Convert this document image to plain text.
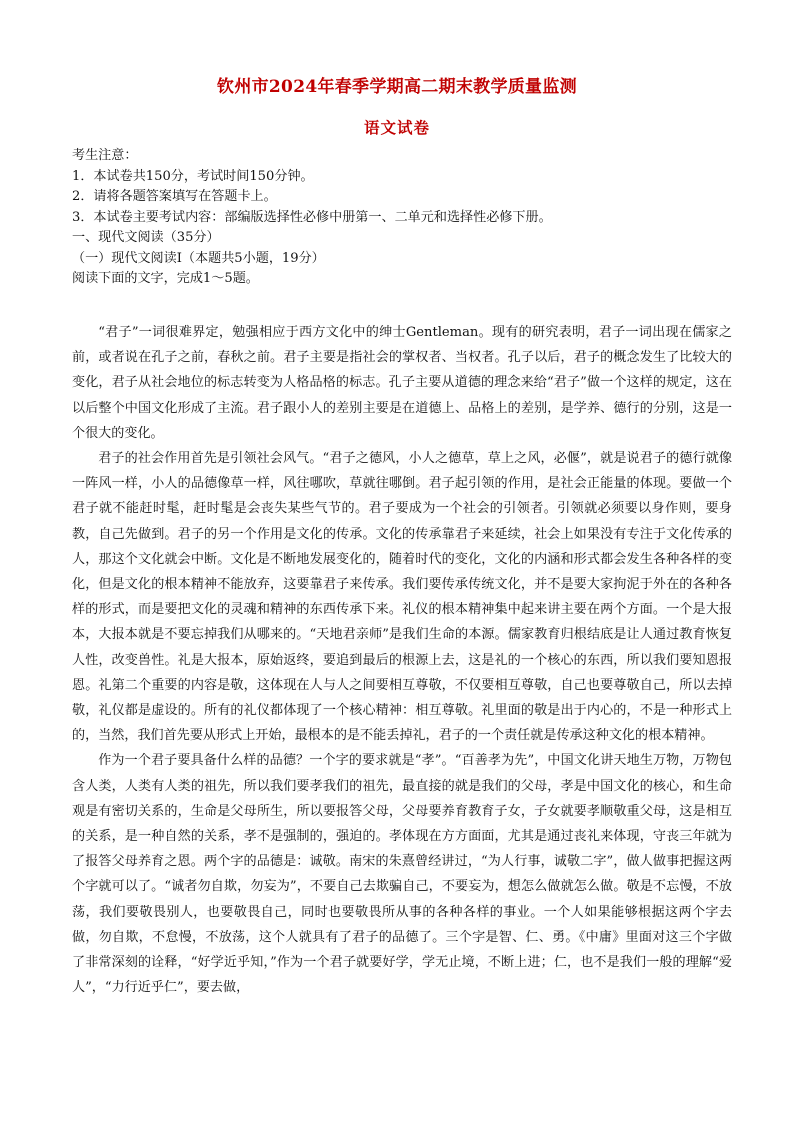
钦州市2024年春季学期高二期末教学质量监测
语文试卷

考生注意：

1．本试卷共150分，考试时间150分钟。

2．请将各题答案填写在答题卡上。

3．本试卷主要考试内容：部编版选择性必修中册第一、二单元和选择性必修下册。

一、现代文阅读（35分）

（一）现代文阅读Ⅰ（本题共5小题，19分）

阅读下面的文字，完成1～5题。

“君子”一词很难界定，勉强相应于西方文化中的绅士Gentleman。现有的研究表明，君子一词出现在儒家之前，或者说在孔子之前，春秋之前。君子主要是指社会的掌权者、当权者。孔子以后，君子的概念发生了比较大的变化，君子从社会地位的标志转变为人格品格的标志。孔子主要从道德的理念来给“君子”做一个这样的规定，这在以后整个中国文化形成了主流。君子跟小人的差别主要是在道德上、品格上的差别，是学养、德行的分别，这是一个很大的变化。

君子的社会作用首先是引领社会风气。“君子之德风，小人之德草，草上之风，必偃”，就是说君子的德行就像一阵风一样，小人的品德像草一样，风往哪吹，草就往哪倒。君子起引领的作用，是社会正能量的体现。要做一个君子就不能赶时髦，赶时髦是会丧失某些气节的。君子要成为一个社会的引领者。引领就必须要以身作则，要身教，自己先做到。君子的另一个作用是文化的传承。文化的传承靠君子来延续，社会上如果没有专注于文化传承的人，那这个文化就会中断。文化是不断地发展变化的，随着时代的变化，文化的内涵和形式都会发生各种各样的变化，但是文化的根本精神不能放弃，这要靠君子来传承。我们要传承传统文化，并不是要大家拘泥于外在的各种各样的形式，而是要把文化的灵魂和精神的东西传承下来。礼仪的根本精神集中起来讲主要在两个方面。一个是大报本，大报本就是不要忘掉我们从哪来的。“天地君亲师”是我们生命的本源。儒家教育归根结底是让人通过教育恢复人性，改变兽性。礼是大报本，原始返终，要追到最后的根源上去，这是礼的一个核心的东西，所以我们要知恩报恩。礼第二个重要的内容是敬，这体现在人与人之间要相互尊敬，不仅要相互尊敬，自己也要尊敬自己，所以去掉敬，礼仪都是虚设的。所有的礼仪都体现了一个核心精神：相互尊敬。礼里面的敬是出于内心的，不是一种形式上的，当然，我们首先要从形式上开始，最根本的是不能丢掉礼，君子的一个责任就是传承这种文化的根本精神。

作为一个君子要具备什么样的品德？一个字的要求就是“孝”。“百善孝为先”，中国文化讲天地生万物，万物包含人类，人类有人类的祖先，所以我们要孝我们的祖先，最直接的就是我们的父母，孝是中国文化的核心，和生命观是有密切关系的，生命是父母所生，所以要报答父母，父母要养育教育子女，子女就要孝顺敬重父母，这是相互的关系，是一种自然的关系，孝不是强制的，强迫的。孝体现在方方面面，尤其是通过丧礼来体现，守丧三年就为了报答父母养育之恩。两个字的品德是：诚敬。南宋的朱熹曾经讲过，“为人行事，诚敬二字”，做人做事把握这两个字就可以了。“诚者勿自欺，勿妄为”，不要自己去欺骗自己，不要妄为，想怎么做就怎么做。敬是不忘慢，不放荡，我们要敬畏别人，也要敬畏自己，同时也要敬畏所从事的各种各样的事业。一个人如果能够根据这两个字去做，勿自欺，不怠慢，不放荡，这个人就具有了君子的品德了。三个字是智、仁、勇。《中庸》里面对这三个字做了非常深刻的诠释，“好学近乎知，”作为一个君子就要好学，学无止境，不断上进；仁，也不是我们一般的理解“爱人”，“力行近乎仁”，要去做，
